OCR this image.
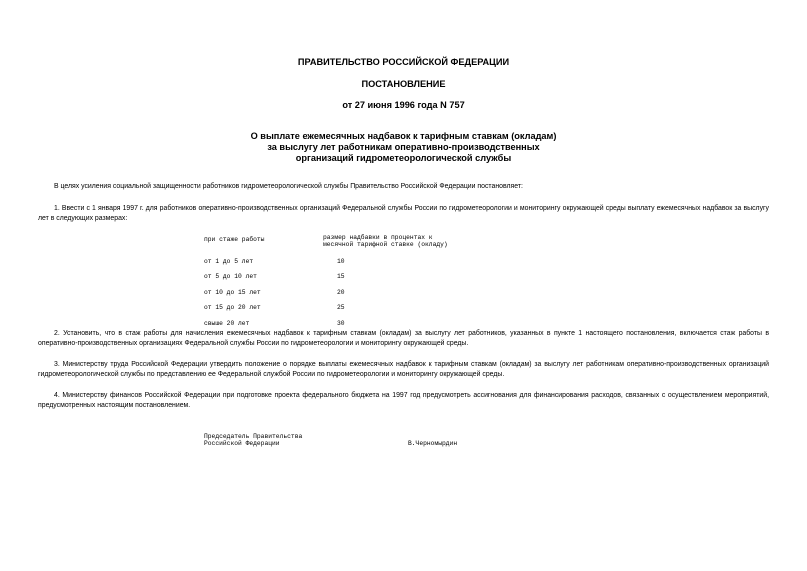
ПРАВИТЕЛЬСТВО РОССИЙСКОЙ ФЕДЕРАЦИИ
ПОСТАНОВЛЕНИЕ
от 27 июня 1996 года N 757
О выплате ежемесячных надбавок к тарифным ставкам (окладам)
за выслугу лет работникам оперативно-производственных
организаций гидрометеорологической службы

В целях усиления социальной защищенности работников гидрометеорологической службы Правительство Российской Федерации постановляет:

1. Ввести с 1 января 1997 г. для работников оперативно-производственных организаций Федеральной службы России по гидрометеорологии и мониторингу окружающей среды выплату ежемесячных надбавок за выслугу лет в следующих размерах:

при стаже работы	размер надбавки в процентах к
месячной тарифной ставке (окладу)
от 1 до 5 лет	10
от 5 до 10 лет	15
от 10 до 15 лет	20
от 15 до 20 лет	25
свыше 20 лет	30

2. Установить, что в стаж работы для начисления ежемесячных надбавок к тарифным ставкам (окладам) за выслугу лет работников, указанных в пункте 1 настоящего постановления, включается стаж работы в оперативно-производственных организациях Федеральной службы России по гидрометеорологии и мониторингу окружающей среды.

3. Министерству труда Российской Федерации утвердить положение о порядке выплаты ежемесячных надбавок к тарифным ставкам (окладам) за выслугу лет работникам оперативно-производственных организаций гидрометеорологической службы по представлению ее Федеральной службой России по гидрометеорологии и мониторингу окружающей среды.

4. Министерству финансов Российской Федерации при подготовке проекта федерального бюджета на 1997 год предусмотреть ассигнования для финансирования расходов, связанных с осуществлением мероприятий, предусмотренных настоящим постановлением.

Председатель Правительства
Российской Федерации	В.Черномырдин
